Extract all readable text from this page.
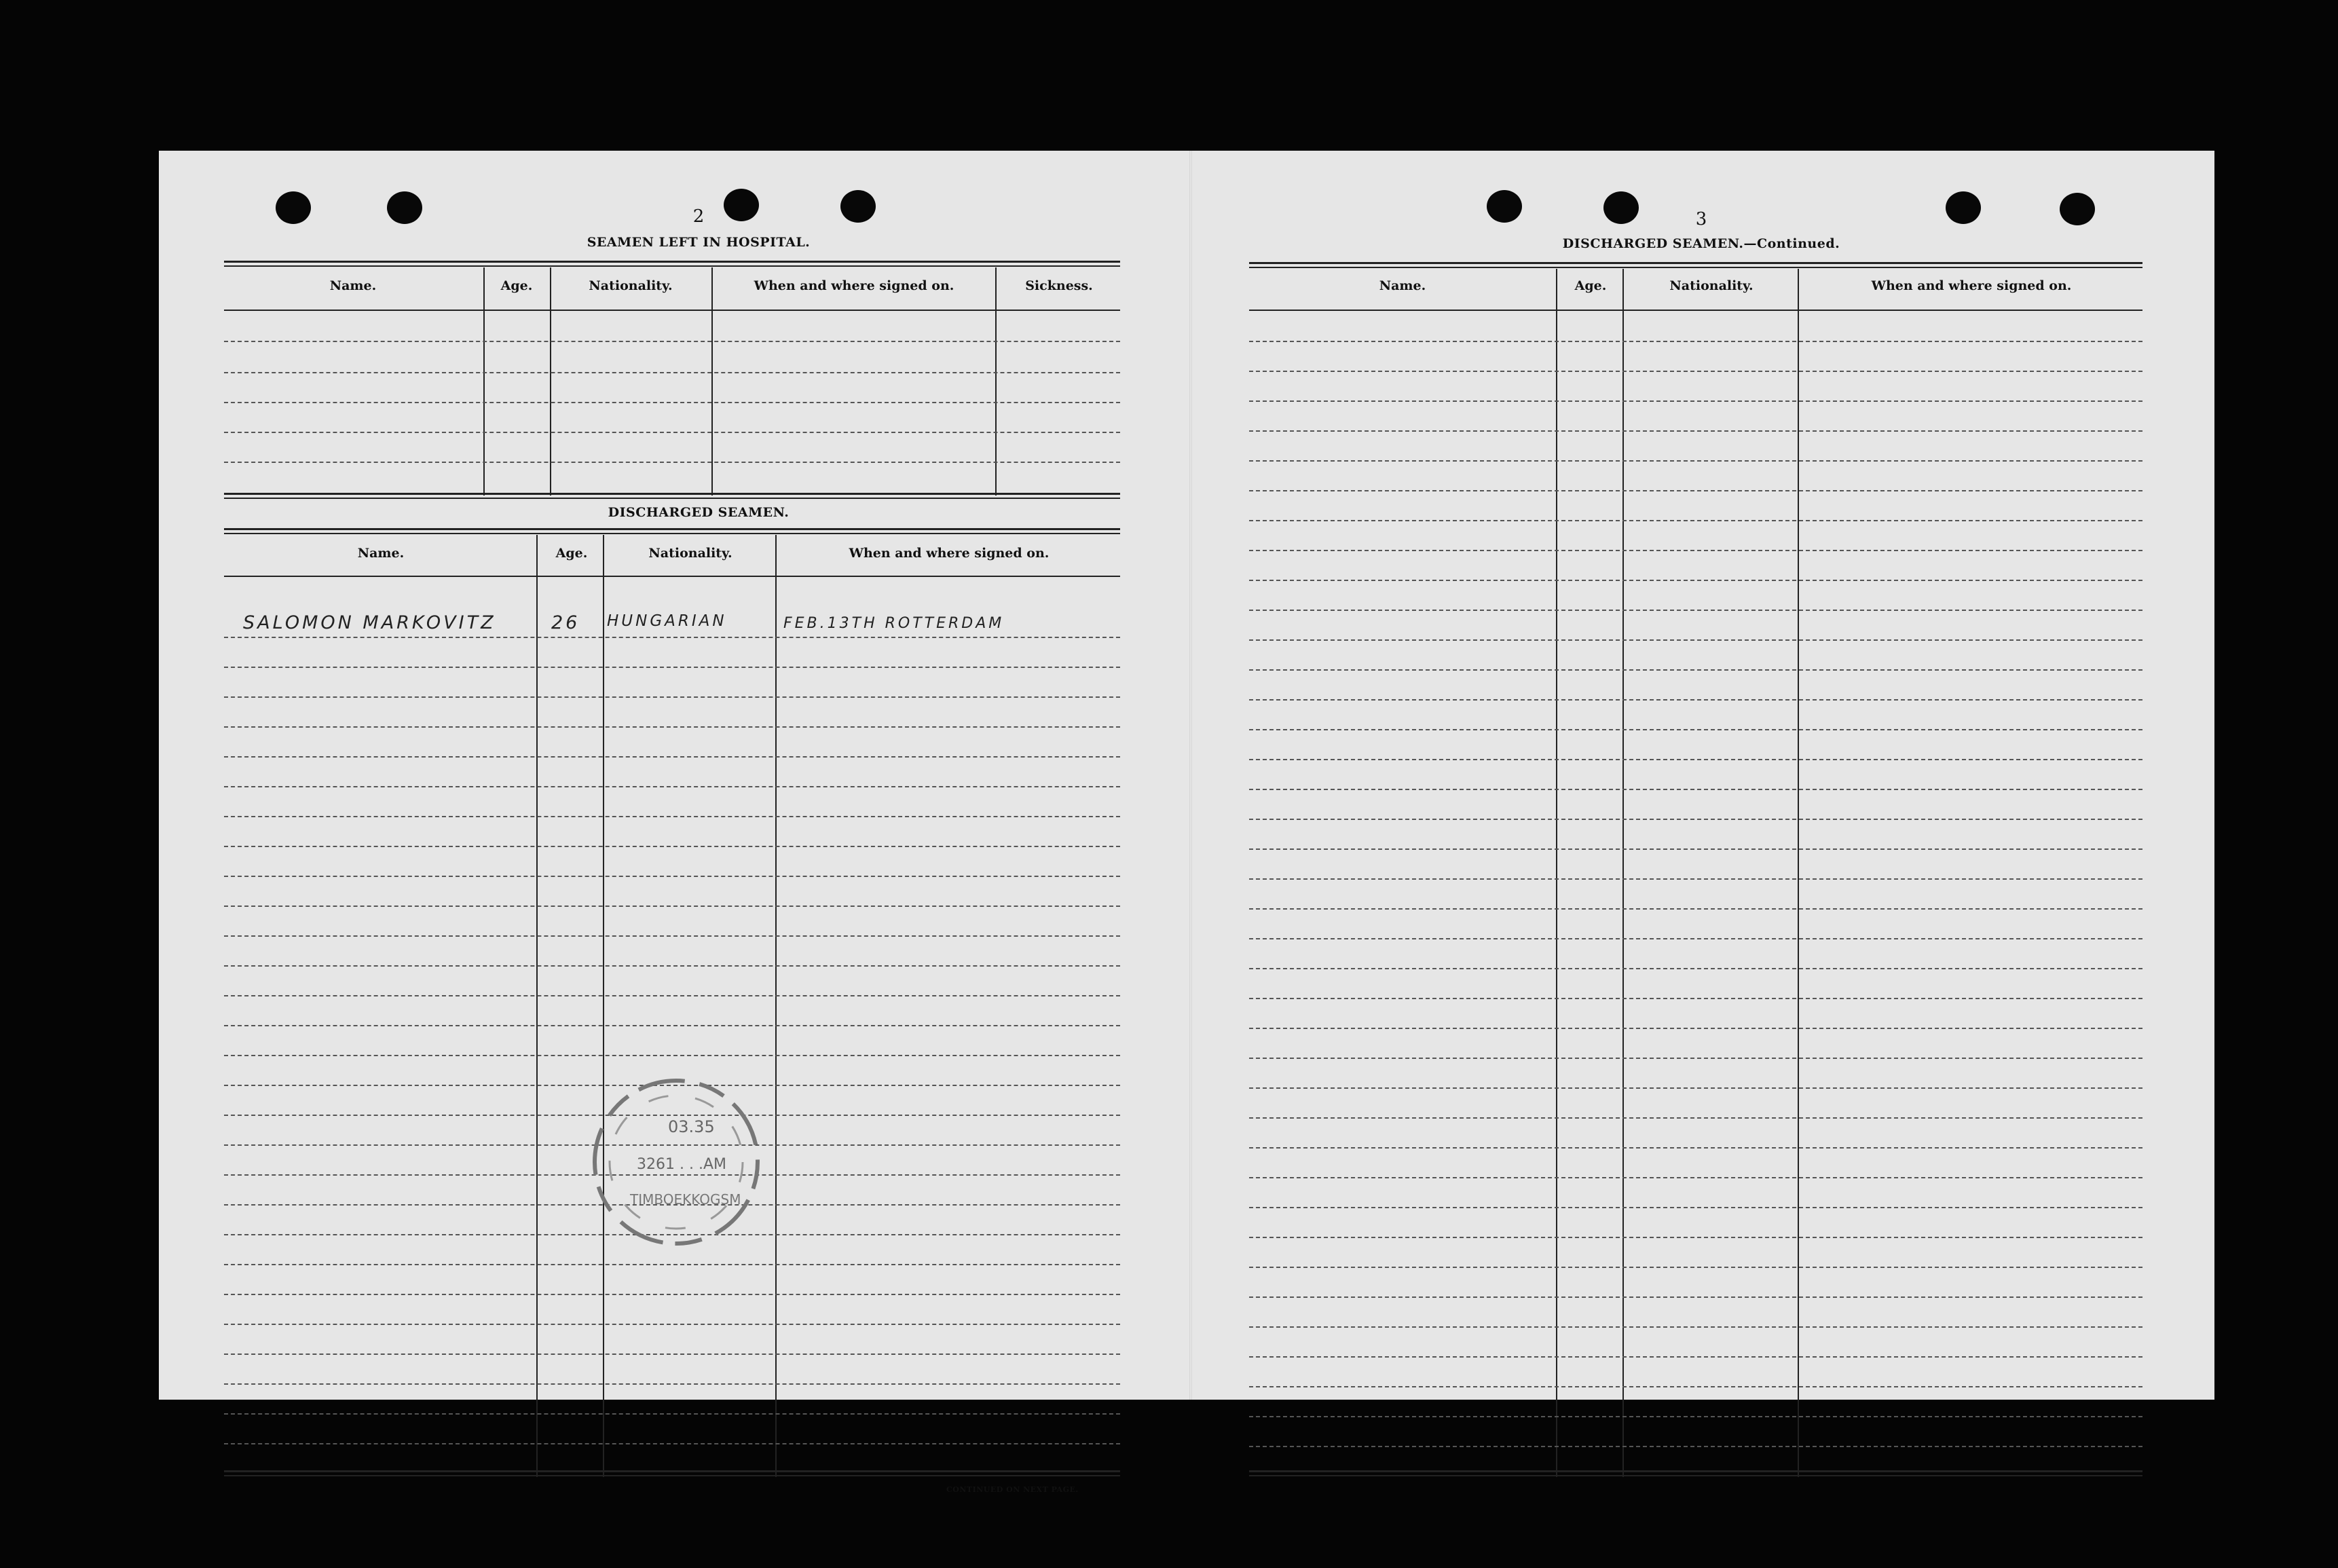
2
SEAMEN LEFT IN HOSPITAL.
Name.	Age.	Nationality.	When and where signed on.	Sickness.
DISCHARGED SEAMEN.
Name.	Age.	Nationality.	When and where signed on.
SALOMON MARKOVITZ	26 HUNGARIAN	FEB.13TH ROTTERDAM
CONTINUED ON NEXT PAGE.
03.35
3261 . . .AM
TIMBOEKKOGSM
3
DISCHARGED SEAMEN.—Continued.
Name.	Age.	Nationality.	When and where signed on.
